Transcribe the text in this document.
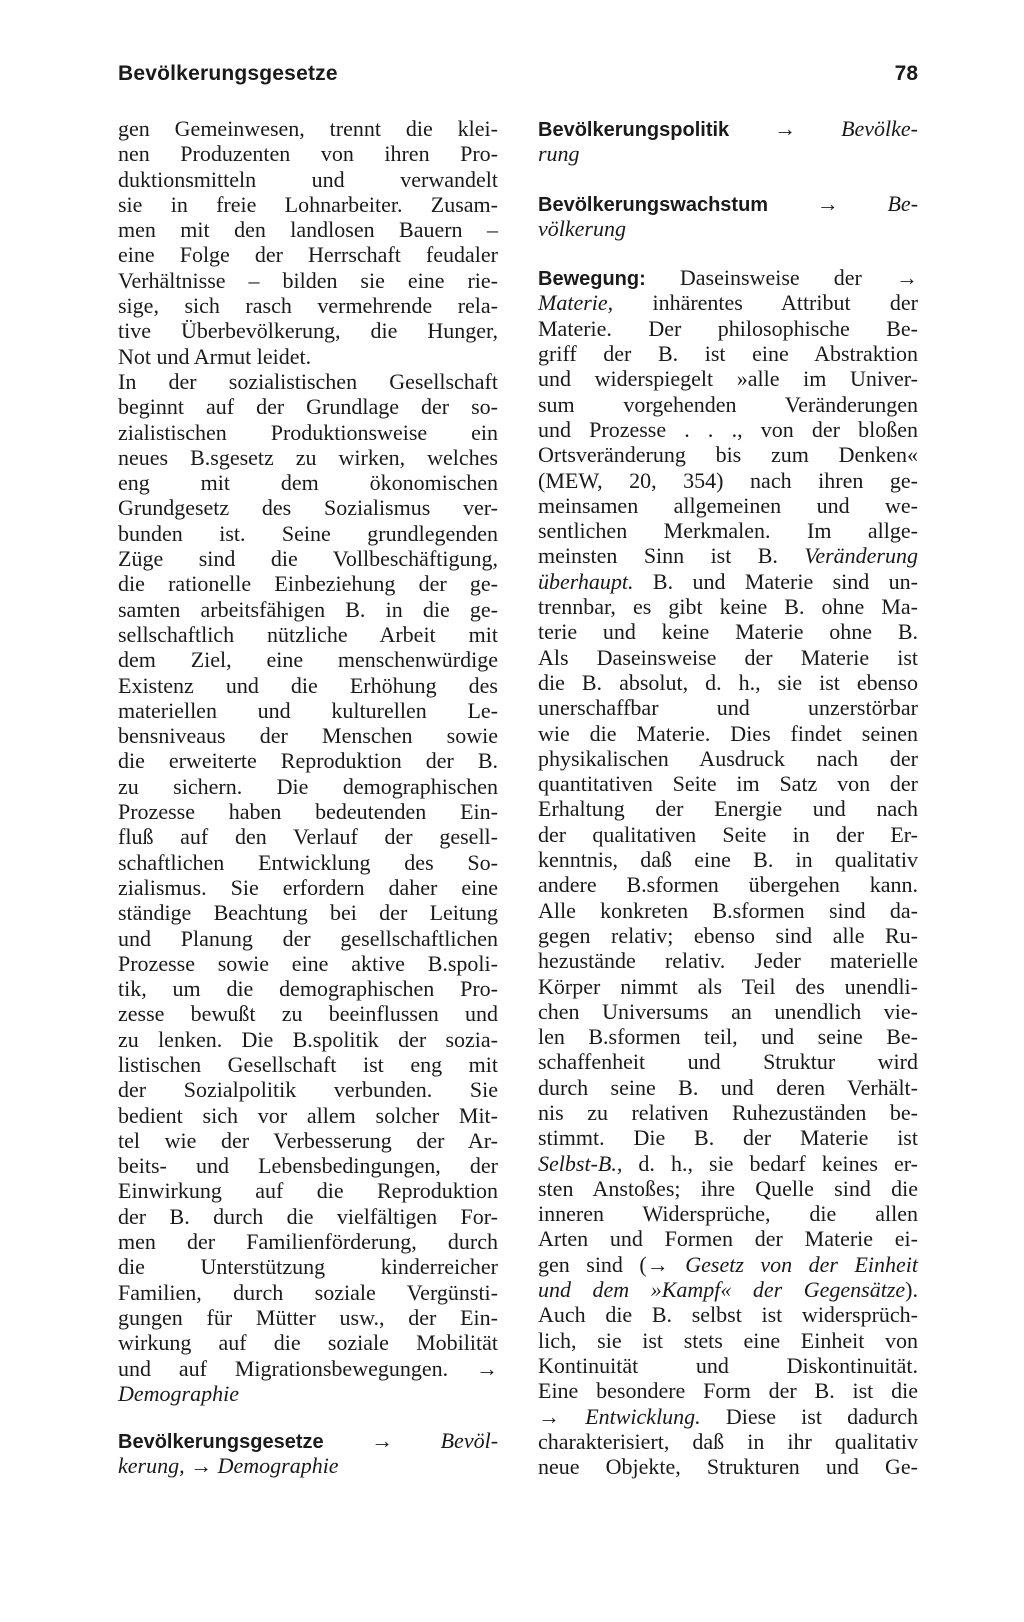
Bevölkerungsgesetze	78
gen Gemeinwesen, trennt die klei-
nen Produzenten von ihren Pro-
duktionsmitteln und verwandelt
sie in freie Lohnarbeiter. Zusam-
men mit den landlosen Bauern –
eine Folge der Herrschaft feudaler
Verhältnisse – bilden sie eine rie-
sige, sich rasch vermehrende rela-
tive Überbevölkerung, die Hunger,
Not und Armut leidet.
In der sozialistischen Gesellschaft
beginnt auf der Grundlage der so-
zialistischen Produktionsweise ein
neues B.sgesetz zu wirken, welches
eng mit dem ökonomischen
Grundgesetz des Sozialismus ver-
bunden ist. Seine grundlegenden
Züge sind die Vollbeschäftigung,
die rationelle Einbeziehung der ge-
samten arbeitsfähigen B. in die ge-
sellschaftlich nützliche Arbeit mit
dem Ziel, eine menschenwürdige
Existenz und die Erhöhung des
materiellen und kulturellen Le-
bensniveaus der Menschen sowie
die erweiterte Reproduktion der B.
zu sichern. Die demographischen
Prozesse haben bedeutenden Ein-
fluß auf den Verlauf der gesell-
schaftlichen Entwicklung des So-
zialismus. Sie erfordern daher eine
ständige Beachtung bei der Leitung
und Planung der gesellschaftlichen
Prozesse sowie eine aktive B.spoli-
tik, um die demographischen Pro-
zesse bewußt zu beeinflussen und
zu lenken. Die B.spolitik der sozia-
listischen Gesellschaft ist eng mit
der Sozialpolitik verbunden. Sie
bedient sich vor allem solcher Mit-
tel wie der Verbesserung der Ar-
beits- und Lebensbedingungen, der
Einwirkung auf die Reproduktion
der B. durch die vielfältigen For-
men der Familienförderung, durch
die Unterstützung kinderreicher
Familien, durch soziale Vergünsti-
gungen für Mütter usw., der Ein-
wirkung auf die soziale Mobilität
und auf Migrationsbewegungen. →
Demographie
Bevölkerungsgesetze → Bevöl-
kerung, → Demographie
Bevölkerungspolitik → Bevölke-
rung
Bevölkerungswachstum → Be-
völkerung
Bewegung: Daseinsweise der →
Materie, inhärentes Attribut der
Materie. Der philosophische Be-
griff der B. ist eine Abstraktion
und widerspiegelt »alle im Univer-
sum vorgehenden Veränderungen
und Prozesse . . ., von der bloßen
Ortsveränderung bis zum Denken«
(MEW, 20, 354) nach ihren ge-
meinsamen allgemeinen und we-
sentlichen Merkmalen. Im allge-
meinsten Sinn ist B. Veränderung
überhaupt. B. und Materie sind un-
trennbar, es gibt keine B. ohne Ma-
terie und keine Materie ohne B.
Als Daseinsweise der Materie ist
die B. absolut, d. h., sie ist ebenso
unerschaffbar und unzerstörbar
wie die Materie. Dies findet seinen
physikalischen Ausdruck nach der
quantitativen Seite im Satz von der
Erhaltung der Energie und nach
der qualitativen Seite in der Er-
kenntnis, daß eine B. in qualitativ
andere B.sformen übergehen kann.
Alle konkreten B.sformen sind da-
gegen relativ; ebenso sind alle Ru-
hezustände relativ. Jeder materielle
Körper nimmt als Teil des unendli-
chen Universums an unendlich vie-
len B.sformen teil, und seine Be-
schaffenheit und Struktur wird
durch seine B. und deren Verhält-
nis zu relativen Ruhezuständen be-
stimmt. Die B. der Materie ist
Selbst-B., d. h., sie bedarf keines er-
sten Anstoßes; ihre Quelle sind die
inneren Widersprüche, die allen
Arten und Formen der Materie ei-
gen sind (→ Gesetz von der Einheit
und dem »Kampf« der Gegensätze).
Auch die B. selbst ist widersprüch-
lich, sie ist stets eine Einheit von
Kontinuität und Diskontinuität.
Eine besondere Form der B. ist die
→ Entwicklung. Diese ist dadurch
charakterisiert, daß in ihr qualitativ
neue Objekte, Strukturen und Ge-
